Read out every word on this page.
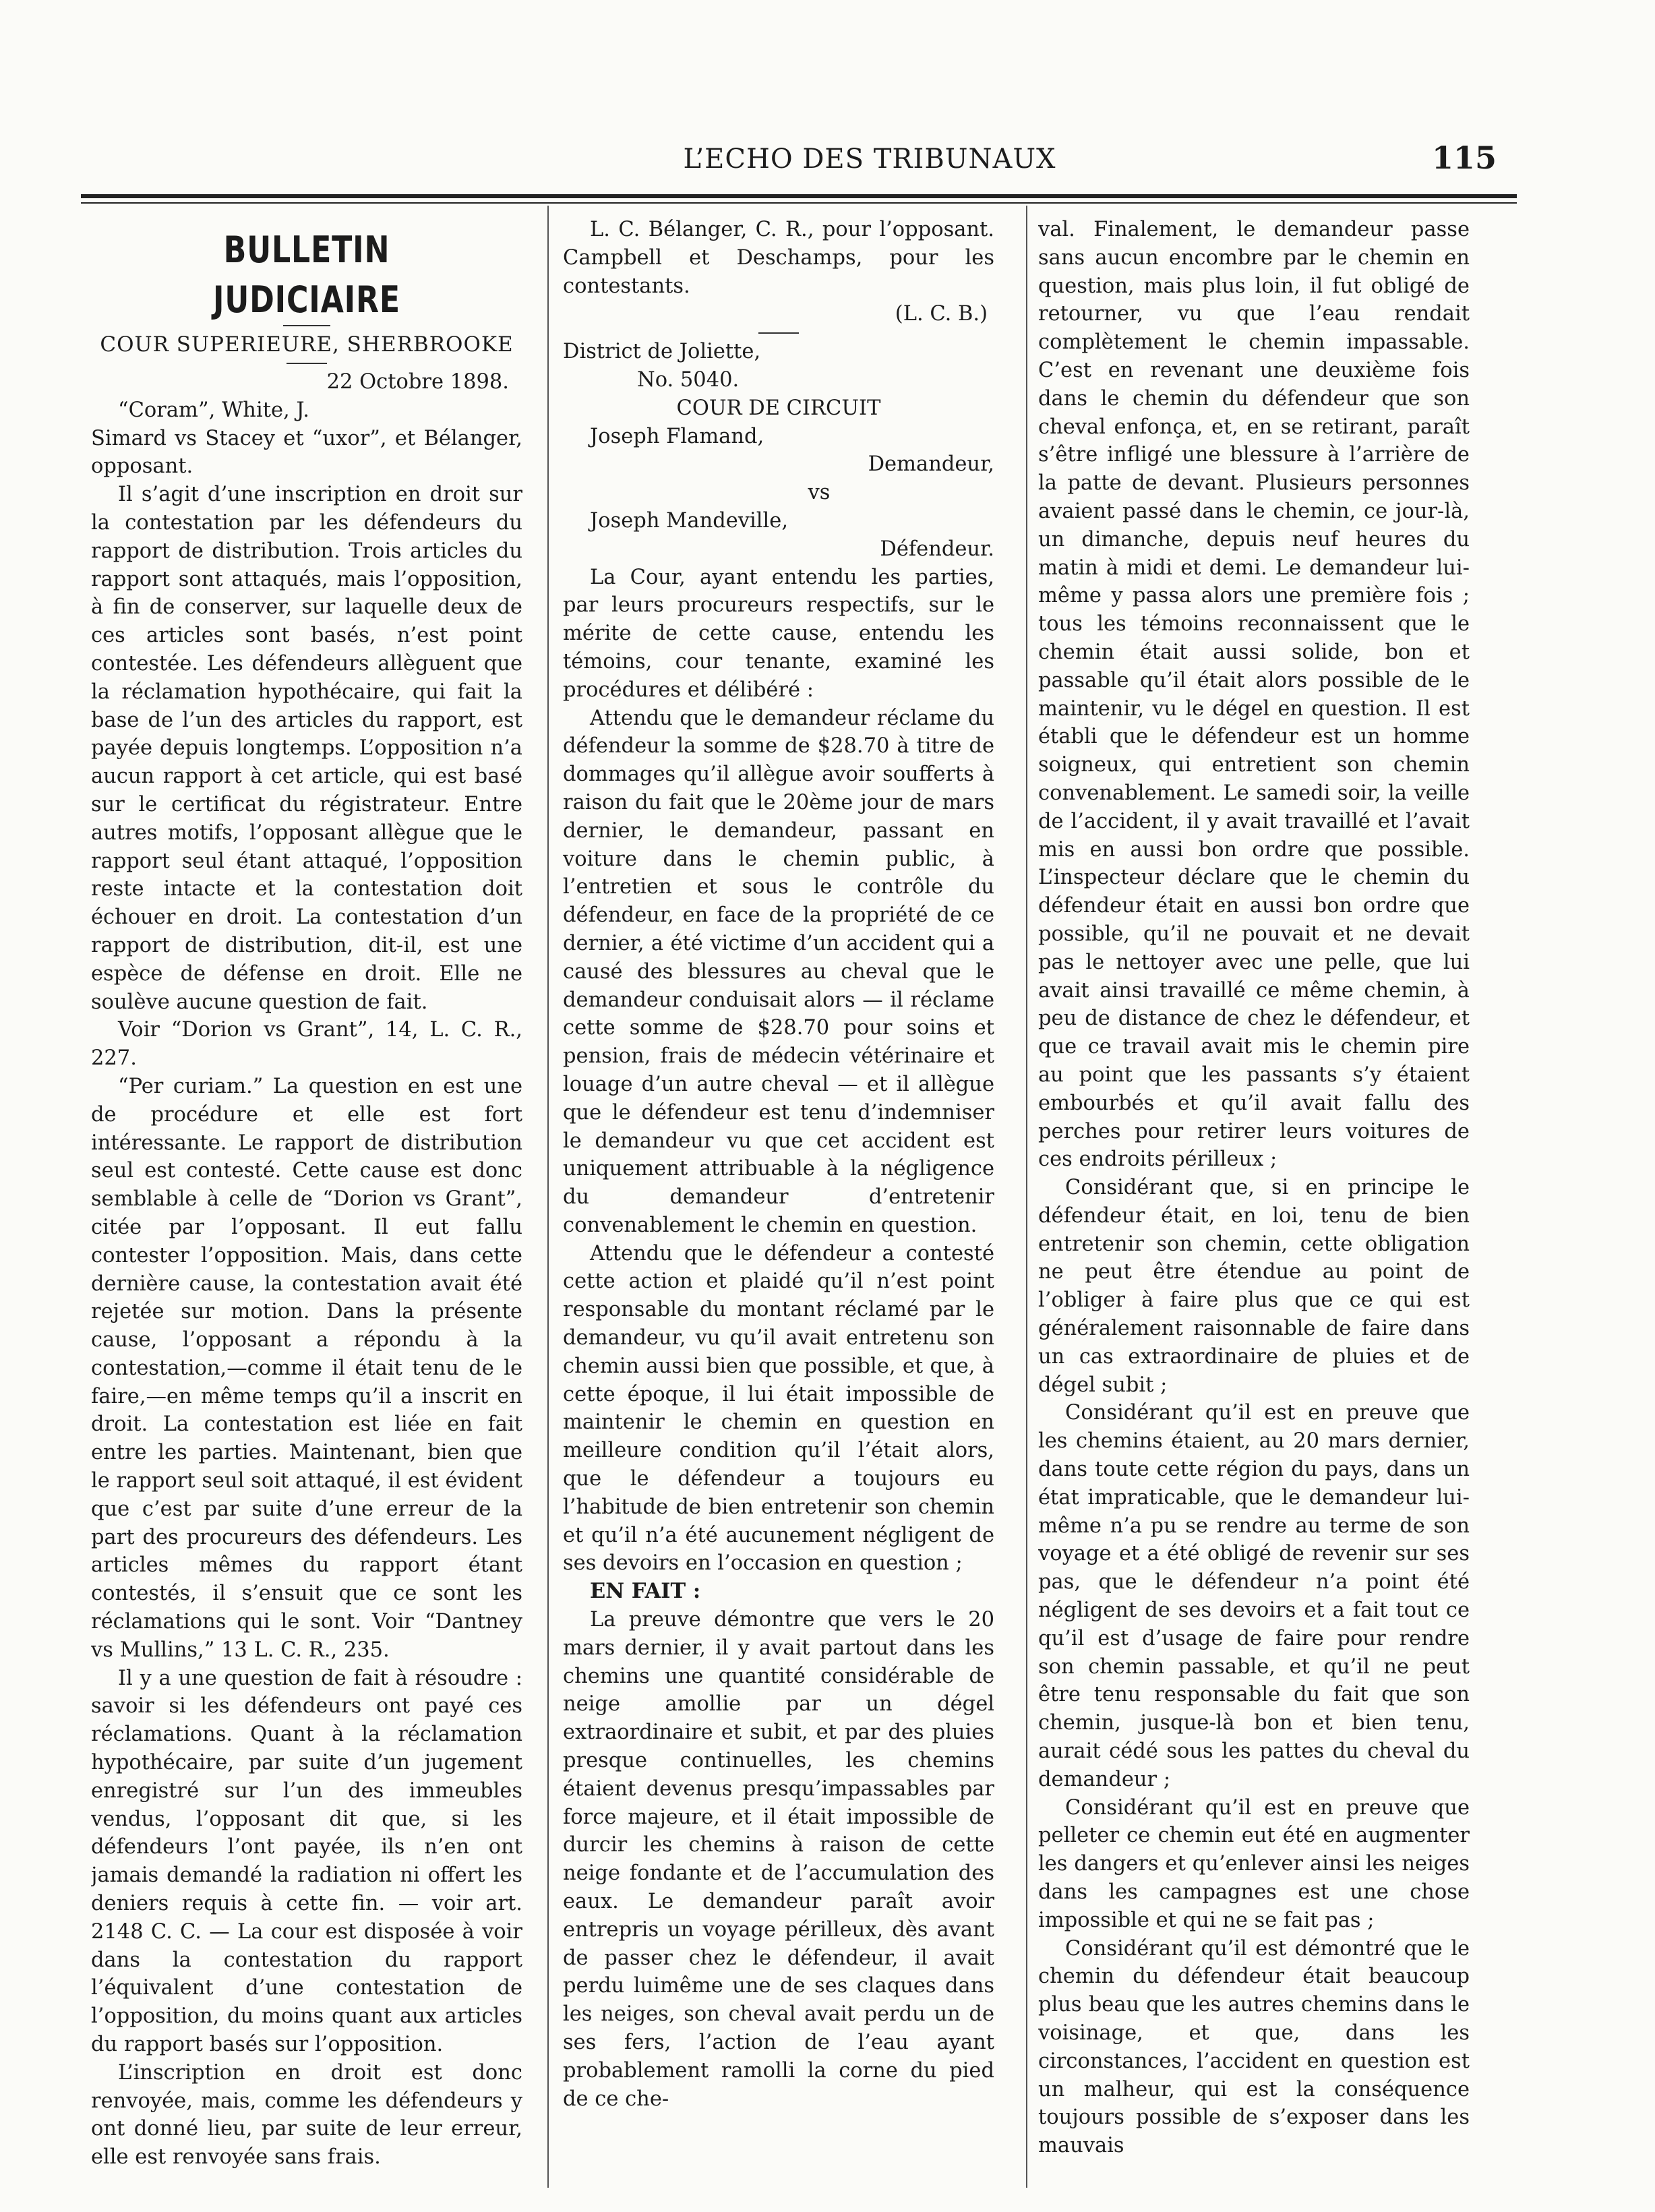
L’ECHO DES TRIBUNAUX	115
BULLETIN JUDICIAIRE
COUR SUPERIEURE, SHERBROOKE
22 Octobre 1898.

“Coram”, White, J.

Simard vs Stacey et “uxor”, et Bélanger, opposant.

Il s’agit d’une inscription en droit sur la contestation par les défendeurs du rapport de distribution. Trois articles du rapport sont attaqués, mais l’opposition, à fin de conserver, sur laquelle deux de ces articles sont basés, n’est point contestée. Les défendeurs allèguent que la réclamation hypothécaire, qui fait la base de l’un des articles du rapport, est payée depuis longtemps. L’opposition n’a aucun rapport à cet article, qui est basé sur le certificat du régistrateur. Entre autres motifs, l’opposant allègue que le rapport seul étant attaqué, l’opposition reste intacte et la contestation doit échouer en droit. La contestation d’un rapport de distribution, dit-il, est une espèce de défense en droit. Elle ne soulève aucune question de fait.

Voir “Dorion vs Grant”, 14, L. C. R., 227.

“Per curiam.” La question en est une de procédure et elle est fort intéressante. Le rapport de distribution seul est contesté. Cette cause est donc semblable à celle de “Dorion vs Grant”, citée par l’opposant. Il eut fallu contester l’opposition. Mais, dans cette dernière cause, la contestation avait été rejetée sur motion. Dans la présente cause, l’opposant a répondu à la contestation,—comme il était tenu de le faire,—en même temps qu’il a inscrit en droit. La contestation est liée en fait entre les parties. Maintenant, bien que le rapport seul soit attaqué, il est évident que c’est par suite d’une erreur de la part des procureurs des défendeurs. Les articles mêmes du rapport étant contestés, il s’ensuit que ce sont les réclamations qui le sont. Voir “Dantney vs Mullins,” 13 L. C. R., 235.

Il y a une question de fait à résoudre : savoir si les défendeurs ont payé ces réclamations. Quant à la réclamation hypothécaire, par suite d’un jugement enregistré sur l’un des immeubles vendus, l’opposant dit que, si les défendeurs l’ont payée, ils n’en ont jamais demandé la radiation ni offert les deniers requis à cette fin. — voir art. 2148 C. C. — La cour est disposée à voir dans la contestation du rapport l’équivalent d’une contestation de l’opposition, du moins quant aux articles du rapport basés sur l’opposition.

L’inscription en droit est donc renvoyée, mais, comme les défendeurs y ont donné lieu, par suite de leur erreur, elle est renvoyée sans frais.

L. C. Bélanger, C. R., pour l’opposant. Campbell et Deschamps, pour les contestants.

(L. C. B.)
District de Joliette,
No. 5040.
COUR DE CIRCUIT
Joseph Flamand,
Demandeur,
vs
Joseph Mandeville,
Défendeur.

La Cour, ayant entendu les parties, par leurs procureurs respectifs, sur le mérite de cette cause, entendu les témoins, cour tenante, examiné les procédures et délibéré :

Attendu que le demandeur réclame du défendeur la somme de $28.70 à titre de dommages qu’il allègue avoir soufferts à raison du fait que le 20ème jour de mars dernier, le demandeur, passant en voiture dans le chemin public, à l’entretien et sous le contrôle du défendeur, en face de la propriété de ce dernier, a été victime d’un accident qui a causé des blessures au cheval que le demandeur conduisait alors — il réclame cette somme de $28.70 pour soins et pension, frais de médecin vétérinaire et louage d’un autre cheval — et il allègue que le défendeur est tenu d’indemniser le demandeur vu que cet accident est uniquement attribuable à la négligence du demandeur d’entretenir convenablement le chemin en question.

Attendu que le défendeur a contesté cette action et plaidé qu’il n’est point responsable du montant réclamé par le demandeur, vu qu’il avait entretenu son chemin aussi bien que possible, et que, à cette époque, il lui était impossible de maintenir le chemin en question en meilleure condition qu’il l’était alors, que le défendeur a toujours eu l’habitude de bien entretenir son chemin et qu’il n’a été aucunement négligent de ses devoirs en l’occasion en question ;

EN FAIT :

La preuve démontre que vers le 20 mars dernier, il y avait partout dans les chemins une quantité considérable de neige amollie par un dégel extraordinaire et subit, et par des pluies presque continuelles, les chemins étaient devenus presqu’impassables par force majeure, et il était impossible de durcir les chemins à raison de cette neige fondante et de l’accumulation des eaux. Le demandeur paraît avoir entrepris un voyage périlleux, dès avant de passer chez le défendeur, il avait perdu luimême une de ses claques dans les neiges, son cheval avait perdu un de ses fers, l’action de l’eau ayant probablement ramolli la corne du pied de ce che-

val. Finalement, le demandeur passe sans aucun encombre par le chemin en question, mais plus loin, il fut obligé de retourner, vu que l’eau rendait complètement le chemin impassable. C’est en revenant une deuxième fois dans le chemin du défendeur que son cheval enfonça, et, en se retirant, paraît s’être infligé une blessure à l’arrière de la patte de devant. Plusieurs personnes avaient passé dans le chemin, ce jour-là, un dimanche, depuis neuf heures du matin à midi et demi. Le demandeur lui-même y passa alors une première fois ; tous les témoins reconnaissent que le chemin était aussi solide, bon et passable qu’il était alors possible de le maintenir, vu le dégel en question. Il est établi que le défendeur est un homme soigneux, qui entretient son chemin convenablement. Le samedi soir, la veille de l’accident, il y avait travaillé et l’avait mis en aussi bon ordre que possible. L’inspecteur déclare que le chemin du défendeur était en aussi bon ordre que possible, qu’il ne pouvait et ne devait pas le nettoyer avec une pelle, que lui avait ainsi travaillé ce même chemin, à peu de distance de chez le défendeur, et que ce travail avait mis le chemin pire au point que les passants s’y étaient embourbés et qu’il avait fallu des perches pour retirer leurs voitures de ces endroits périlleux ;

Considérant que, si en principe le défendeur était, en loi, tenu de bien entretenir son chemin, cette obligation ne peut être étendue au point de l’obliger à faire plus que ce qui est généralement raisonnable de faire dans un cas extraordinaire de pluies et de dégel subit ;

Considérant qu’il est en preuve que les chemins étaient, au 20 mars dernier, dans toute cette région du pays, dans un état impraticable, que le demandeur lui-même n’a pu se rendre au terme de son voyage et a été obligé de revenir sur ses pas, que le défendeur n’a point été négligent de ses devoirs et a fait tout ce qu’il est d’usage de faire pour rendre son chemin passable, et qu’il ne peut être tenu responsable du fait que son chemin, jusque-là bon et bien tenu, aurait cédé sous les pattes du cheval du demandeur ;

Considérant qu’il est en preuve que pelleter ce chemin eut été en augmenter les dangers et qu’enlever ainsi les neiges dans les campagnes est une chose impossible et qui ne se fait pas ;

Considérant qu’il est démontré que le chemin du défendeur était beaucoup plus beau que les autres chemins dans le voisinage, et que, dans les circonstances, l’accident en question est un malheur, qui est la conséquence toujours possible de s’exposer dans les mauvais
